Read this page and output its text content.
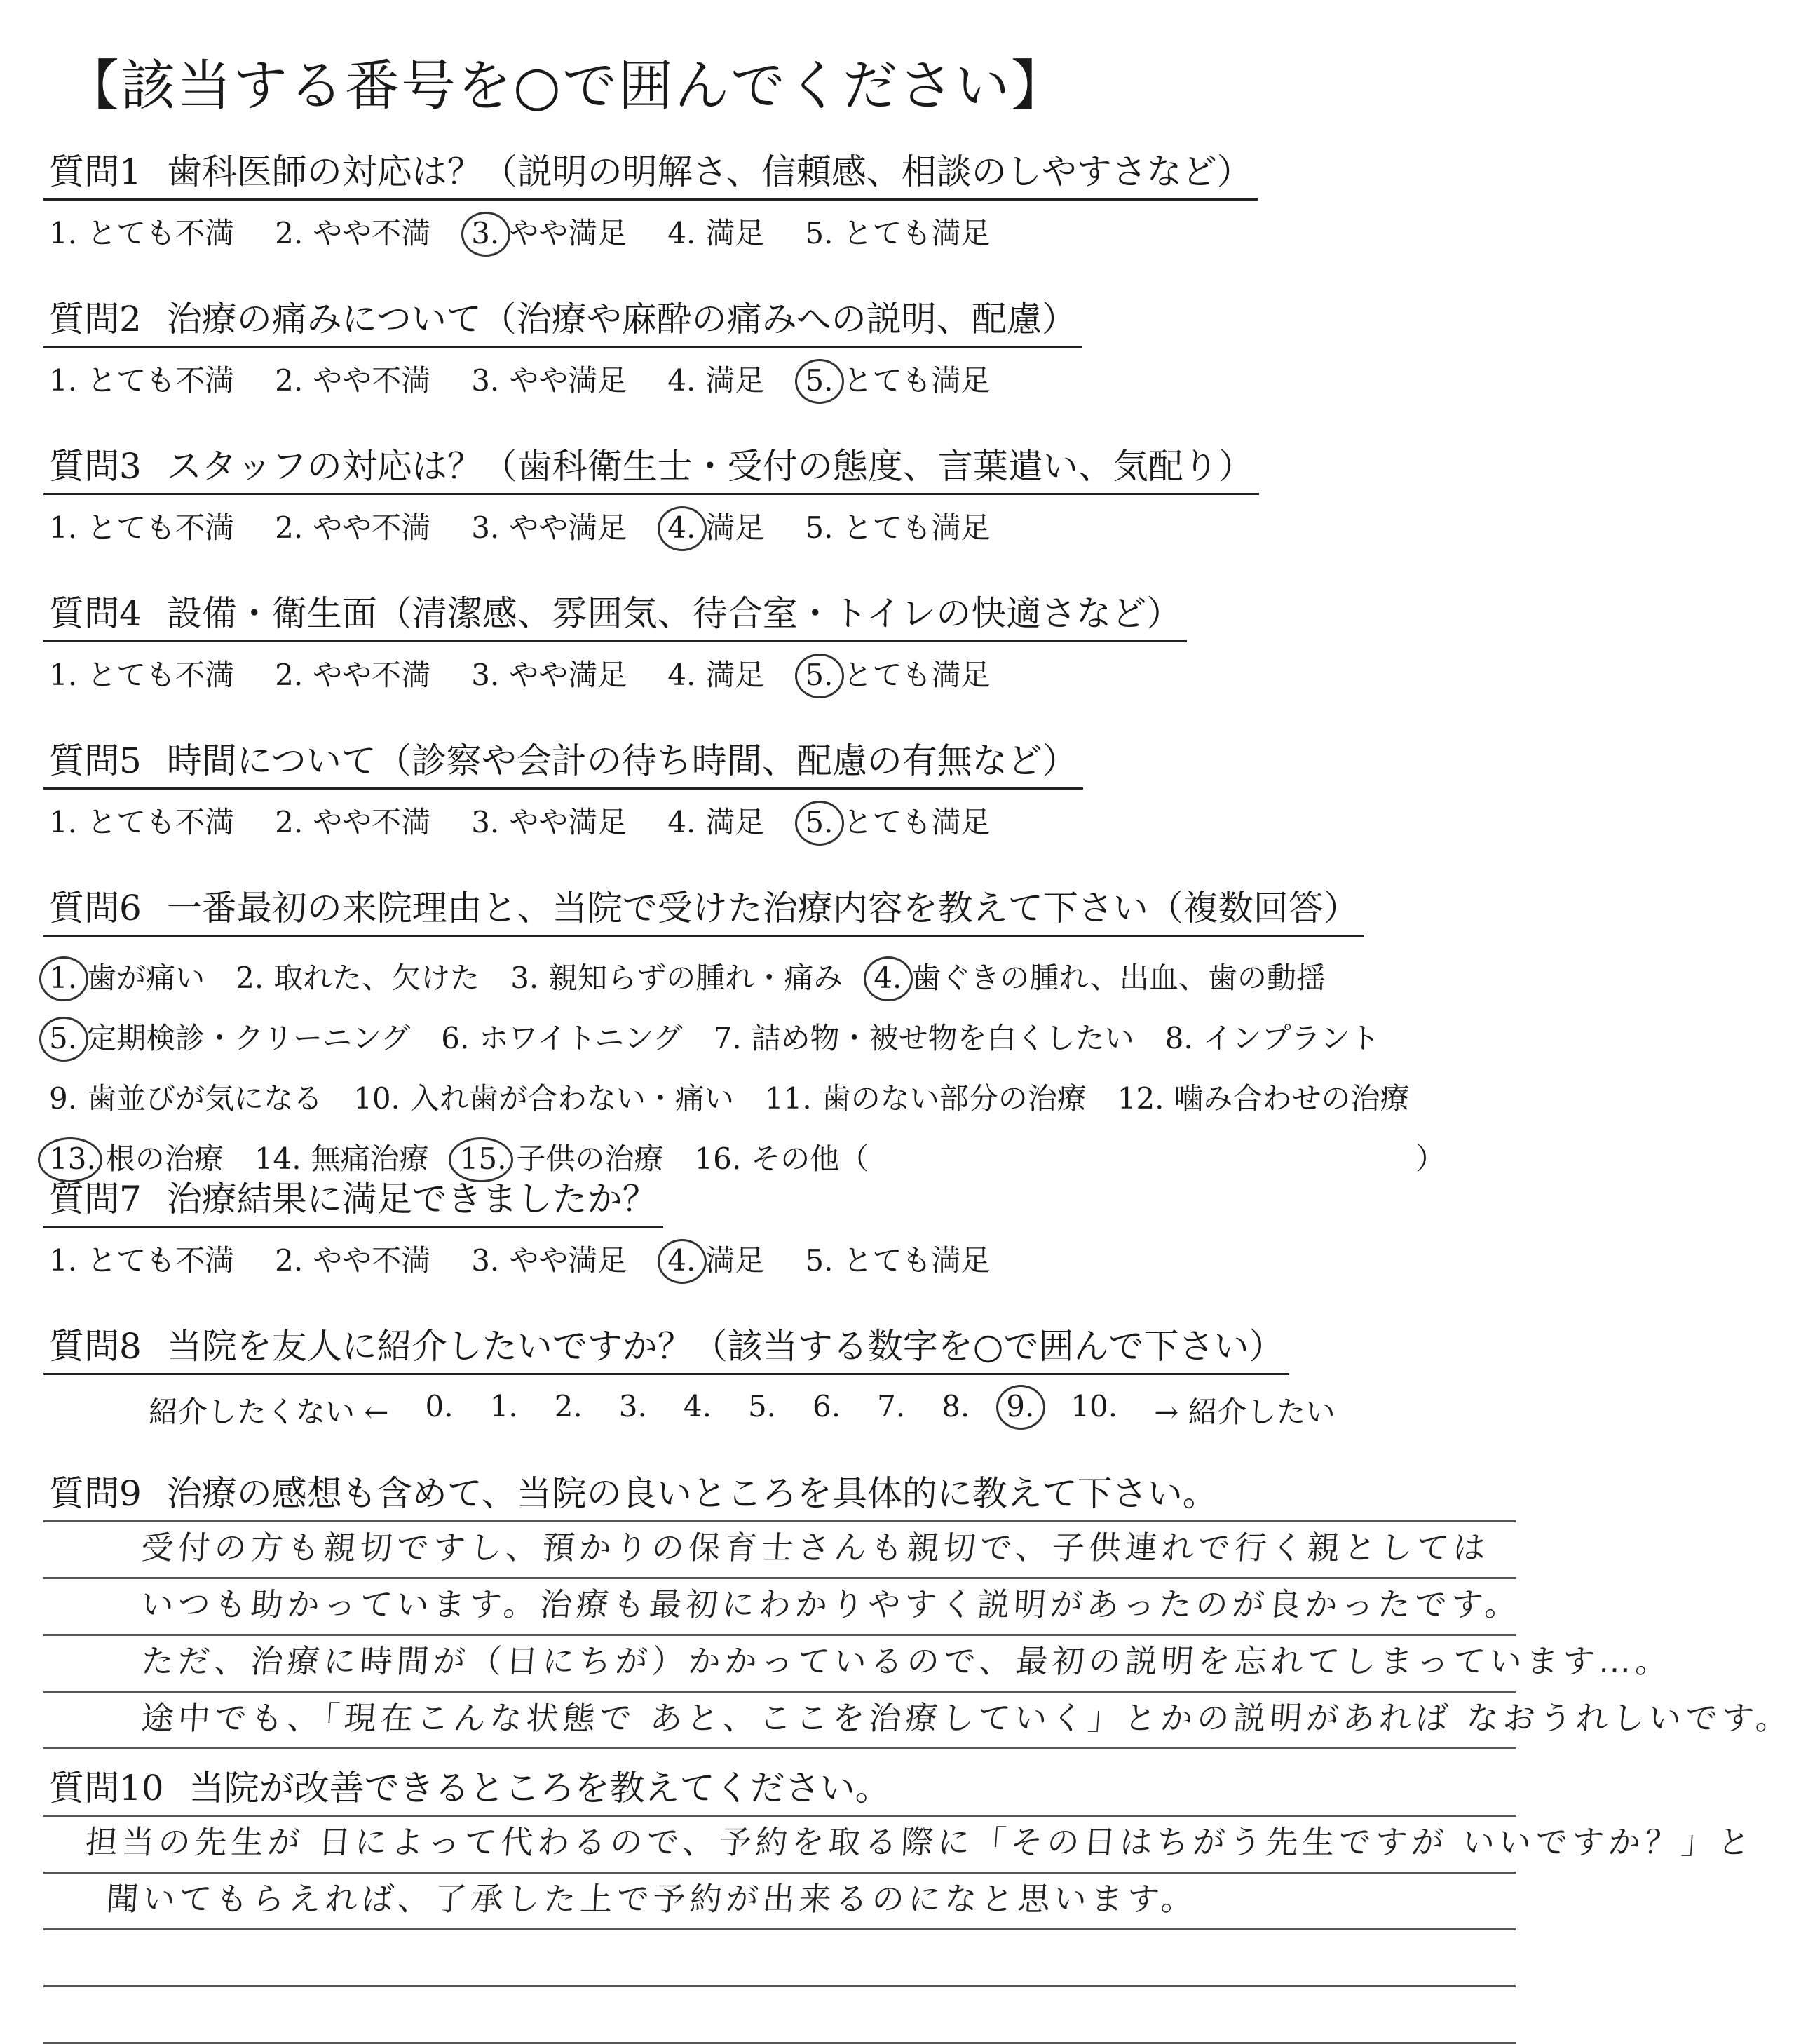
【該当する番号を○で囲んでください】
質問1 歯科医師の対応は？（説明の明解さ、信頼感、相談のしやすさなど）
1. とても不満 2. やや不満 3. やや満足 4. 満足 5. とても満足
質問2 治療の痛みについて（治療や麻酔の痛みへの説明、配慮）
1. とても不満 2. やや不満 3. やや満足 4. 満足 5. とても満足
質問3 スタッフの対応は？（歯科衛生士・受付の態度、言葉遣い、気配り）
1. とても不満 2. やや不満 3. やや満足 4. 満足 5. とても満足
質問4 設備・衛生面（清潔感、雰囲気、待合室・トイレの快適さなど）
1. とても不満 2. やや不満 3. やや満足 4. 満足 5. とても満足
質問5 時間について（診察や会計の待ち時間、配慮の有無など）
1. とても不満 2. やや不満 3. やや満足 4. 満足 5. とても満足
質問6 一番最初の来院理由と、当院で受けた治療内容を教えて下さい（複数回答）
1. 歯が痛い 2. 取れた、欠けた 3. 親知らずの腫れ・痛み 4. 歯ぐきの腫れ、出血、歯の動揺
5. 定期検診・クリーニング 6. ホワイトニング 7. 詰め物・被せ物を白くしたい 8. インプラント
9. 歯並びが気になる 10. 入れ歯が合わない・痛い 11. 歯のない部分の治療 12. 噛み合わせの治療
13. 根の治療 14. 無痛治療 15. 子供の治療 16. その他（	）
質問7 治療結果に満足できましたか？
1. とても不満 2. やや不満 3. やや満足 4. 満足 5. とても満足
質問8 当院を友人に紹介したいですか？（該当する数字を○で囲んで下さい）
紹介したくない ← 0. 1. 2. 3. 4. 5. 6. 7. 8. 9. 10. → 紹介したい
質問9 治療の感想も含めて、当院の良いところを具体的に教えて下さい。
受付の方も親切ですし、預かりの保育士さんも親切で、子供連れで行く親としては
いつも助かっています。治療も最初にわかりやすく説明があったのが良かったです。
ただ、治療に時間が（日にちが）かかっているので、最初の説明を忘れてしまっています…。
途中でも、「現在こんな状態で あと、ここを治療していく」とかの説明があれば なおうれしいです。
質問10 当院が改善できるところを教えてください。
担当の先生が 日によって代わるので、予約を取る際に「その日はちがう先生ですが いいですか？」と
聞いてもらえれば、了承した上で予約が出来るのになと思います。
